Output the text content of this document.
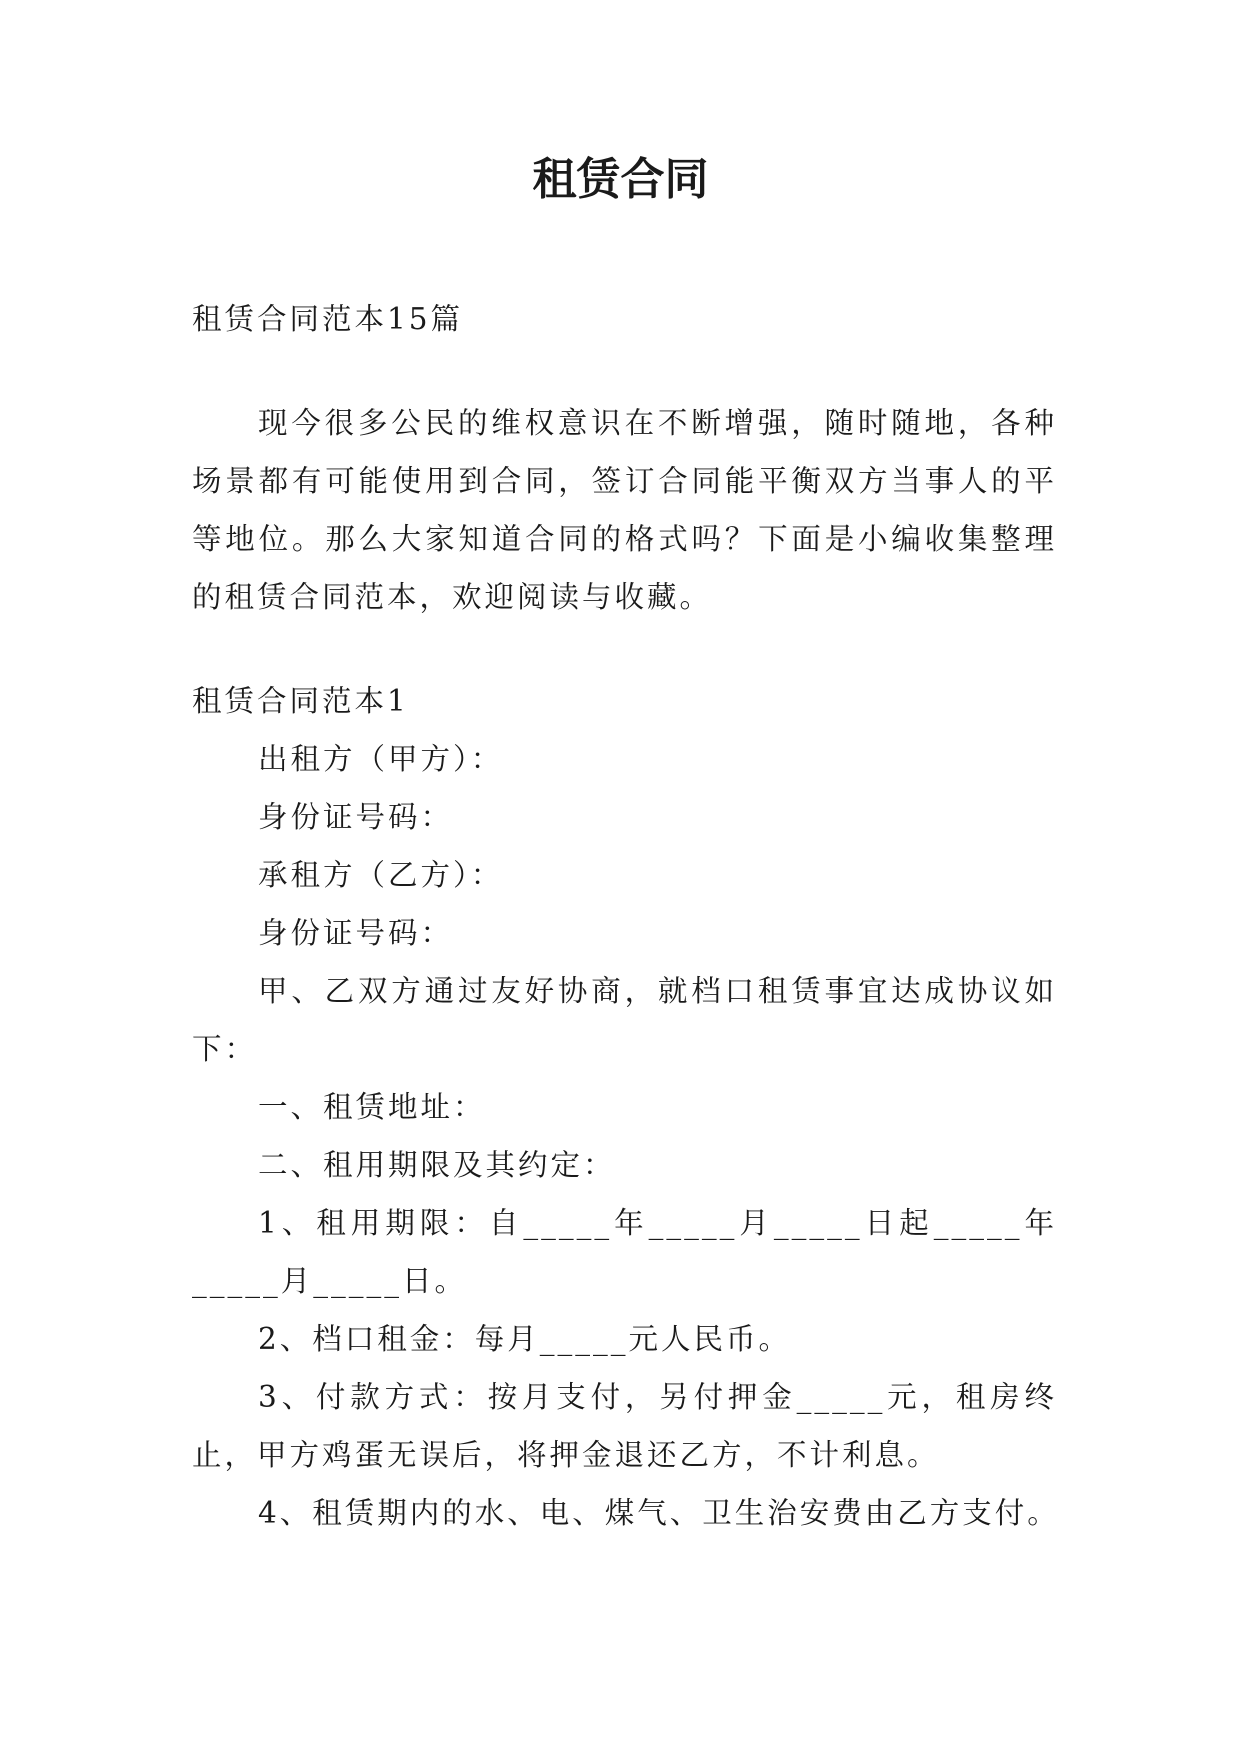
租赁合同

租赁合同范本15篇

现今很多公民的维权意识在不断增强，随时随地，各种场景都有可能使用到合同，签订合同能平衡双方当事人的平等地位。那么大家知道合同的格式吗？下面是小编收集整理的租赁合同范本，欢迎阅读与收藏。

租赁合同范本1

出租方（甲方）：

身份证号码：

承租方（乙方）：

身份证号码：

甲、乙双方通过友好协商，就档口租赁事宜达成协议如下：

一、租赁地址：

二、租用期限及其约定：

1、租用期限：自_____年_____月_____日起_____年_____月_____日。

2、档口租金：每月_____元人民币。

3、付款方式：按月支付，另付押金_____元，租房终止，甲方鸡蛋无误后，将押金退还乙方，不计利息。

4、租赁期内的水、电、煤气、卫生治安费由乙方支付。
